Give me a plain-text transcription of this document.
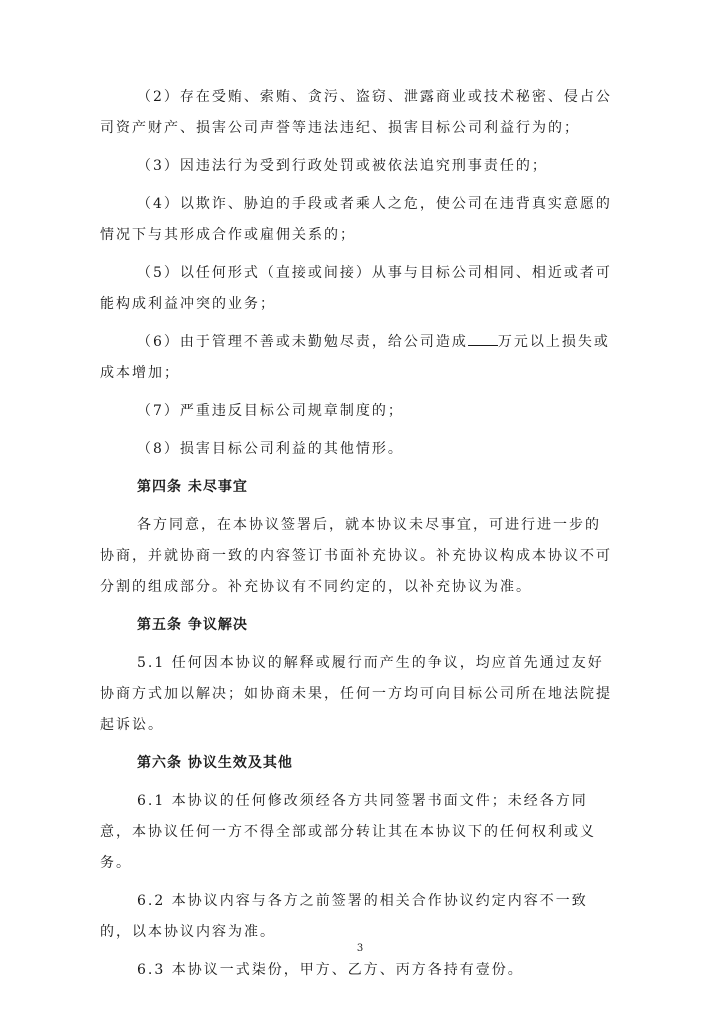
（2）存在受贿、索贿、贪污、盗窃、泄露商业或技术秘密、侵占公司资产财产、损害公司声誉等违法违纪、损害目标公司利益行为的；

（3）因违法行为受到行政处罚或被依法追究刑事责任的；

（4）以欺诈、胁迫的手段或者乘人之危，使公司在违背真实意愿的情况下与其形成合作或雇佣关系的；

（5）以任何形式（直接或间接）从事与目标公司相同、相近或者可能构成利益冲突的业务；

（6）由于管理不善或未勤勉尽责，给公司造成 万元以上损失或成本增加；

（7）严重违反目标公司规章制度的；

（8）损害目标公司利益的其他情形。

第四条 未尽事宜

各方同意，在本协议签署后，就本协议未尽事宜，可进行进一步的协商，并就协商一致的内容签订书面补充协议。补充协议构成本协议不可分割的组成部分。补充协议有不同约定的，以补充协议为准。

第五条 争议解决

5.1 任何因本协议的解释或履行而产生的争议，均应首先通过友好协商方式加以解决；如协商未果，任何一方均可向目标公司所在地法院提起诉讼。

第六条 协议生效及其他

6.1 本协议的任何修改须经各方共同签署书面文件；未经各方同意，本协议任何一方不得全部或部分转让其在本协议下的任何权利或义务。

6.2 本协议内容与各方之前签署的相关合作协议约定内容不一致的，以本协议内容为准。

6.3 本协议一式柒份，甲方、乙方、丙方各持有壹份。

3
